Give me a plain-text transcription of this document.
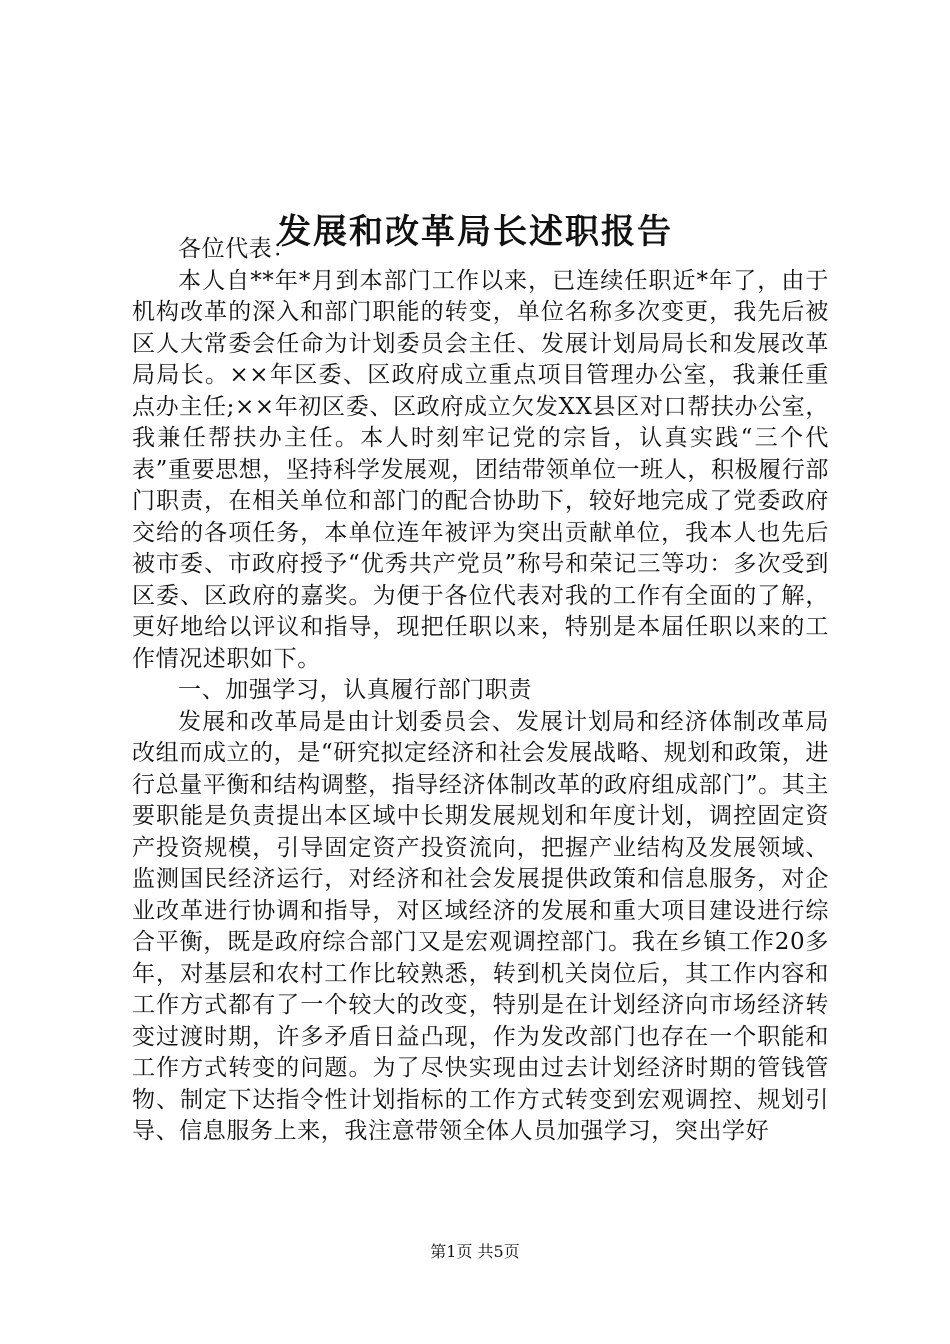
发展和改革局长述职报告

各位代表：

本人自**年*月到本部门工作以来，已连续任职近*年了，由于机构改革的深入和部门职能的转变，单位名称多次变更，我先后被区人大常委会任命为计划委员会主任、发展计划局局长和发展改革局局长。××年区委、区政府成立重点项目管理办公室，我兼任重点办主任;××年初区委、区政府成立欠发XX县区对口帮扶办公室，我兼任帮扶办主任。本人时刻牢记党的宗旨，认真实践“三个代表”重要思想，坚持科学发展观，团结带领单位一班人，积极履行部门职责，在相关单位和部门的配合协助下，较好地完成了党委政府交给的各项任务，本单位连年被评为突出贡献单位，我本人也先后被市委、市政府授予“优秀共产党员”称号和荣记三等功：多次受到区委、区政府的嘉奖。为便于各位代表对我的工作有全面的了解，更好地给以评议和指导，现把任职以来，特别是本届任职以来的工作情况述职如下。

一、加强学习，认真履行部门职责

发展和改革局是由计划委员会、发展计划局和经济体制改革局改组而成立的，是“研究拟定经济和社会发展战略、规划和政策，进行总量平衡和结构调整，指导经济体制改革的政府组成部门”。其主要职能是负责提出本区域中长期发展规划和年度计划，调控固定资产投资规模，引导固定资产投资流向，把握产业结构及发展领域、监测国民经济运行，对经济和社会发展提供政策和信息服务，对企业改革进行协调和指导，对区域经济的发展和重大项目建设进行综合平衡，既是政府综合部门又是宏观调控部门。我在乡镇工作20多年，对基层和农村工作比较熟悉，转到机关岗位后，其工作内容和工作方式都有了一个较大的改变，特别是在计划经济向市场经济转变过渡时期，许多矛盾日益凸现，作为发改部门也存在一个职能和工作方式转变的问题。为了尽快实现由过去计划经济时期的管钱管物、制定下达指令性计划指标的工作方式转变到宏观调控、规划引导、信息服务上来，我注意带领全体人员加强学习，突出学好

第1页 共5页
